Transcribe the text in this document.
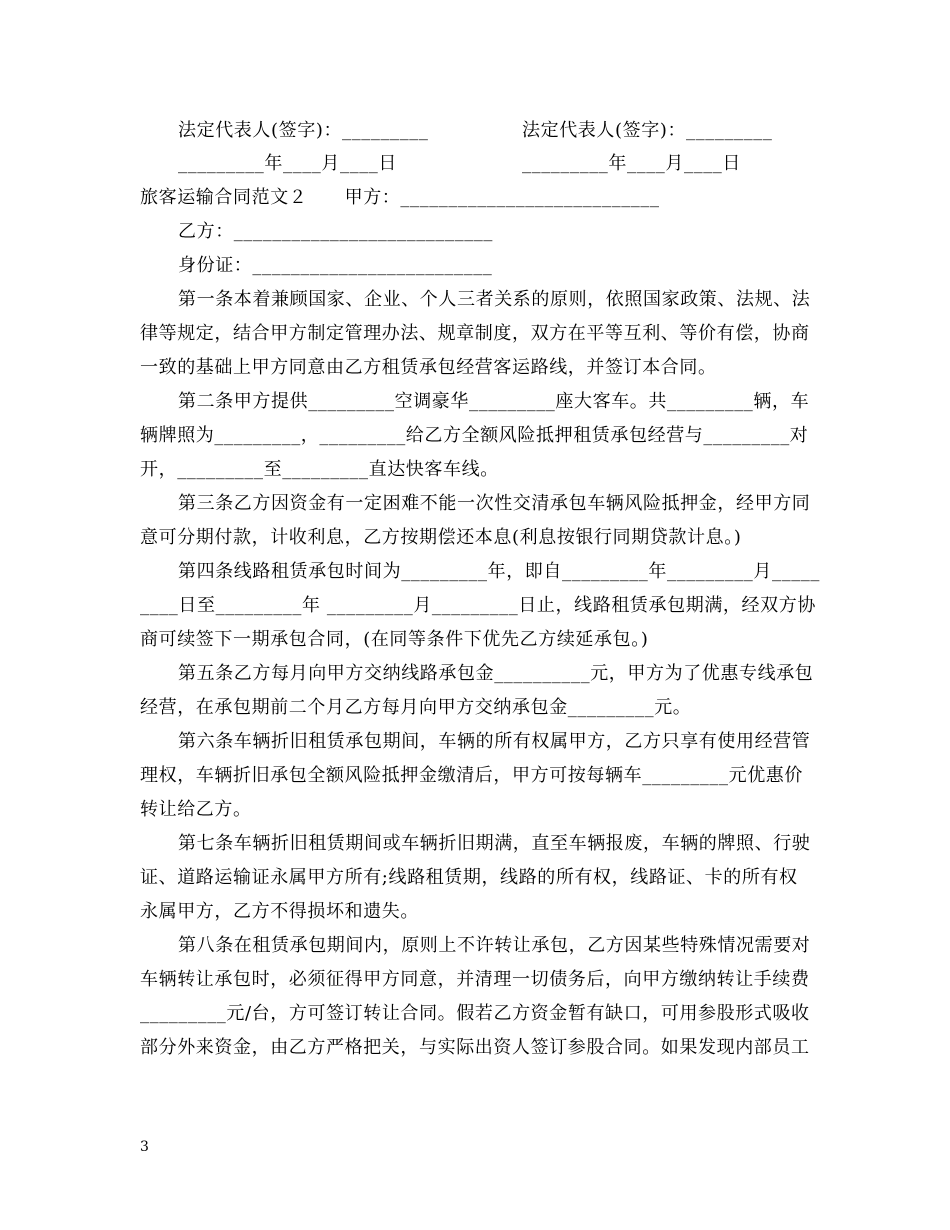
法定代表人(签字)：_________	法定代表人(签字)：_________
_________年____月____日	_________年____月____日
旅客运输合同范文２　　甲方：___________________________
乙方：___________________________
身份证：_________________________
第一条本着兼顾国家、企业、个人三者关系的原则，依照国家政策、法规、法
律等规定，结合甲方制定管理办法、规章制度，双方在平等互利、等价有偿，协商
一致的基础上甲方同意由乙方租赁承包经营客运路线，并签订本合同。
第二条甲方提供_________空调豪华_________座大客车。共_________辆，车
辆牌照为_________，_________给乙方全额风险抵押租赁承包经营与_________对
开，_________至_________直达快客车线。
第三条乙方因资金有一定困难不能一次性交清承包车辆风险抵押金，经甲方同
意可分期付款，计收利息，乙方按期偿还本息(利息按银行同期贷款计息。)
第四条线路租赁承包时间为_________年，即自_________年_________月_____
____日至_________年 _________月_________日止，线路租赁承包期满，经双方协
商可续签下一期承包合同，(在同等条件下优先乙方续延承包。)
第五条乙方每月向甲方交纳线路承包金__________元，甲方为了优惠专线承包
经营，在承包期前二个月乙方每月向甲方交纳承包金_________元。
第六条车辆折旧租赁承包期间，车辆的所有权属甲方，乙方只享有使用经营管
理权，车辆折旧承包全额风险抵押金缴清后，甲方可按每辆车_________元优惠价
转让给乙方。
第七条车辆折旧租赁期间或车辆折旧期满，直至车辆报废，车辆的牌照、行驶
证、道路运输证永属甲方所有;线路租赁期，线路的所有权，线路证、卡的所有权
永属甲方，乙方不得损坏和遗失。
第八条在租赁承包期间内，原则上不许转让承包，乙方因某些特殊情况需要对
车辆转让承包时，必须征得甲方同意，并清理一切债务后，向甲方缴纳转让手续费
_________元/台，方可签订转让合同。假若乙方资金暂有缺口，可用参股形式吸收
部分外来资金，由乙方严格把关，与实际出资人签订参股合同。如果发现内部员工
3
